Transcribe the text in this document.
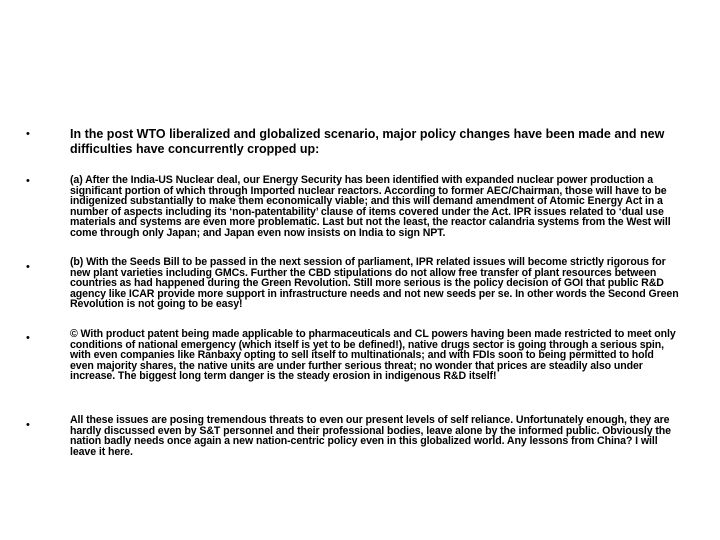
•	In the post WTO liberalized and globalized scenario, major policy changes have been made and new difficulties have concurrently cropped up:
•	(a) After the India-US Nuclear deal, our Energy Security has been identified with expanded nuclear power production a significant portion of which through Imported nuclear reactors. According to former AEC/Chairman, those will have to be indigenized substantially to make them economically viable; and this will demand amendment of Atomic Energy Act in a number of aspects including its ‘non-patentability’ clause of items covered under the Act. IPR issues related to ‘dual use materials and systems are even more problematic. Last but not the least, the reactor calandria systems from the West will come through only Japan; and Japan even now insists on India to sign NPT.

•	(b) With the Seeds Bill to be passed in the next session of parliament, IPR related issues will become strictly rigorous for new plant varieties including GMCs. Further the CBD stipulations do not allow free transfer of plant resources between countries as had happened during the Green Revolution. Still more serious is the policy decision of GOI that public R&D agency like ICAR provide more support in infrastructure needs and not new seeds per se. In other words the Second Green Revolution is not going to be easy!

•	© With product patent being made applicable to pharmaceuticals and CL powers having been made restricted to meet only conditions of national emergency (which itself is yet to be defined!), native drugs sector is going through a serious spin, with even companies like Ranbaxy opting to sell itself to multinationals; and with FDIs soon to being permitted to hold even majority shares, the native units are under further serious threat; no wonder that prices are steadily also under increase. The biggest long term danger is the steady erosion in indigenous R&D itself!

•	All these issues are posing tremendous threats to even our present levels of self reliance. Unfortunately enough, they are hardly discussed even by S&T personnel and their professional bodies, leave alone by the informed public. Obviously the nation badly needs once again a new nation-centric policy even in this globalized world. Any lessons from China? I will leave it here.
